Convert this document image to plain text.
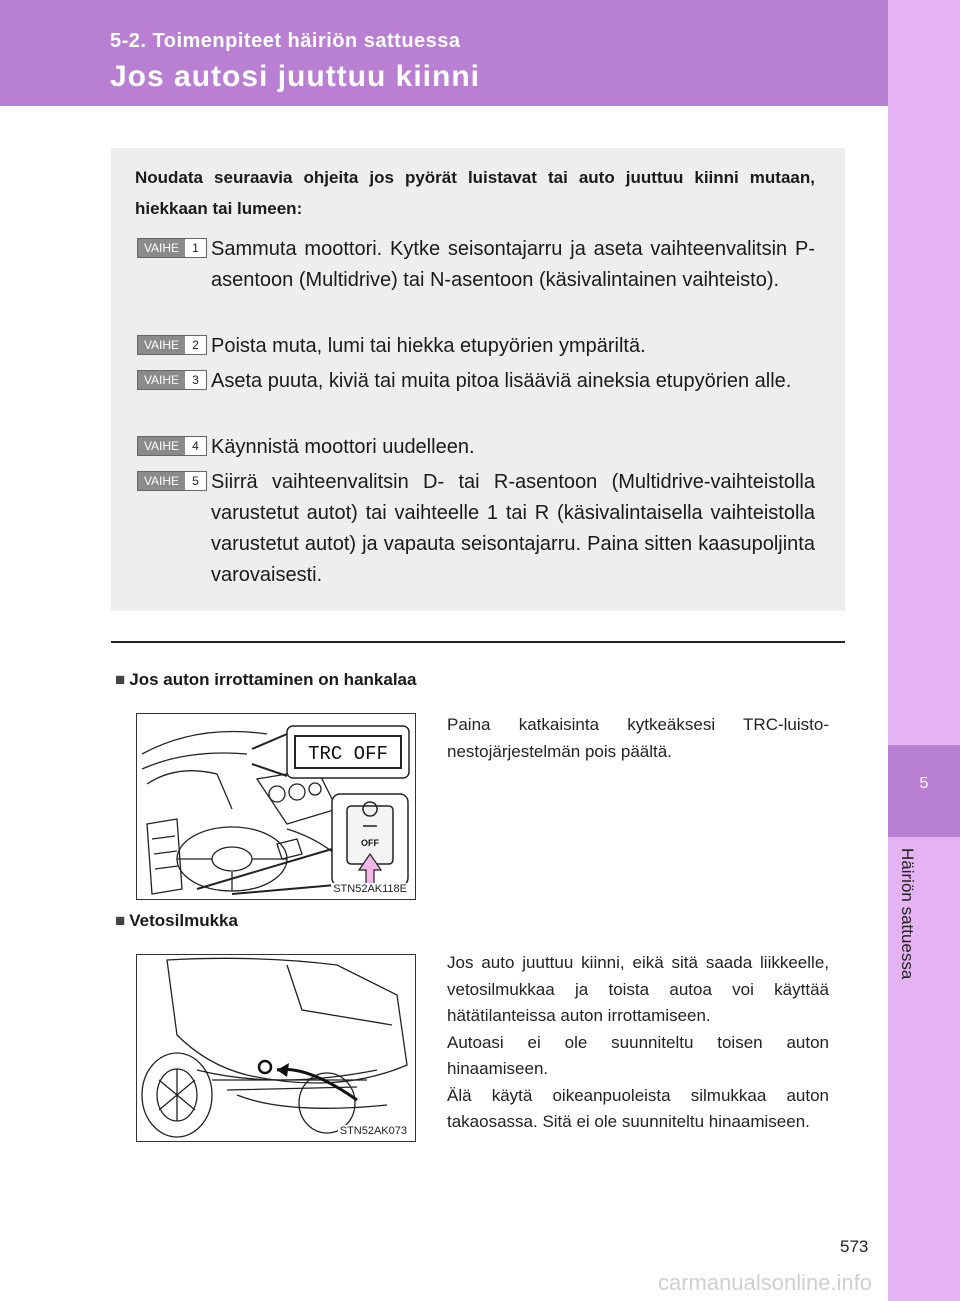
5-2. Toimenpiteet häiriön sattuessa
Jos autosi juuttuu kiinni
5
Häiriön sattuessa
Noudata seuraavia ohjeita jos pyörät luistavat tai auto juuttuu kiinni mutaan, hiekkaan tai lumeen:
VAIHE	1 Sammuta moottori. Kytke seisontajarru ja aseta vaihteenvalitsin P-asentoon (Multidrive) tai N-asentoon (käsivalintainen vaihteisto).
VAIHE	2 Poista muta, lumi tai hiekka etupyörien ympäriltä.
VAIHE	3 Aseta puuta, kiviä tai muita pitoa lisääviä aineksia etupyörien alle.
VAIHE	4 Käynnistä moottori uudelleen.
VAIHE	5 Siirrä vaihteenvalitsin D- tai R-asentoon (Multidrive-vaihteistolla varustetut autot) tai vaihteelle 1 tai R (käsivalintaisella vaihteistolla varustetut autot) ja vapauta seisontajarru. Paina sitten kaasupoljinta varovaisesti.
■ Jos auton irrottaminen on hankalaa
TRC OFF
OFF
STN52AK118E
Paina katkaisinta kytkeäksesi TRC-luistonestojärjestelmän pois päältä.
■ Vetosilmukka
STN52AK073
Jos auto juuttuu kiinni, eikä sitä saada liikkeelle, vetosilmukkaa ja toista autoa voi käyttää hätätilanteissa auton irrottamiseen.
Autoasi ei ole suunniteltu toisen auton hinaamiseen.
Älä käytä oikeanpuoleista silmukkaa auton takaosassa. Sitä ei ole suunniteltu hinaamiseen.
573
carmanualsonline.info
